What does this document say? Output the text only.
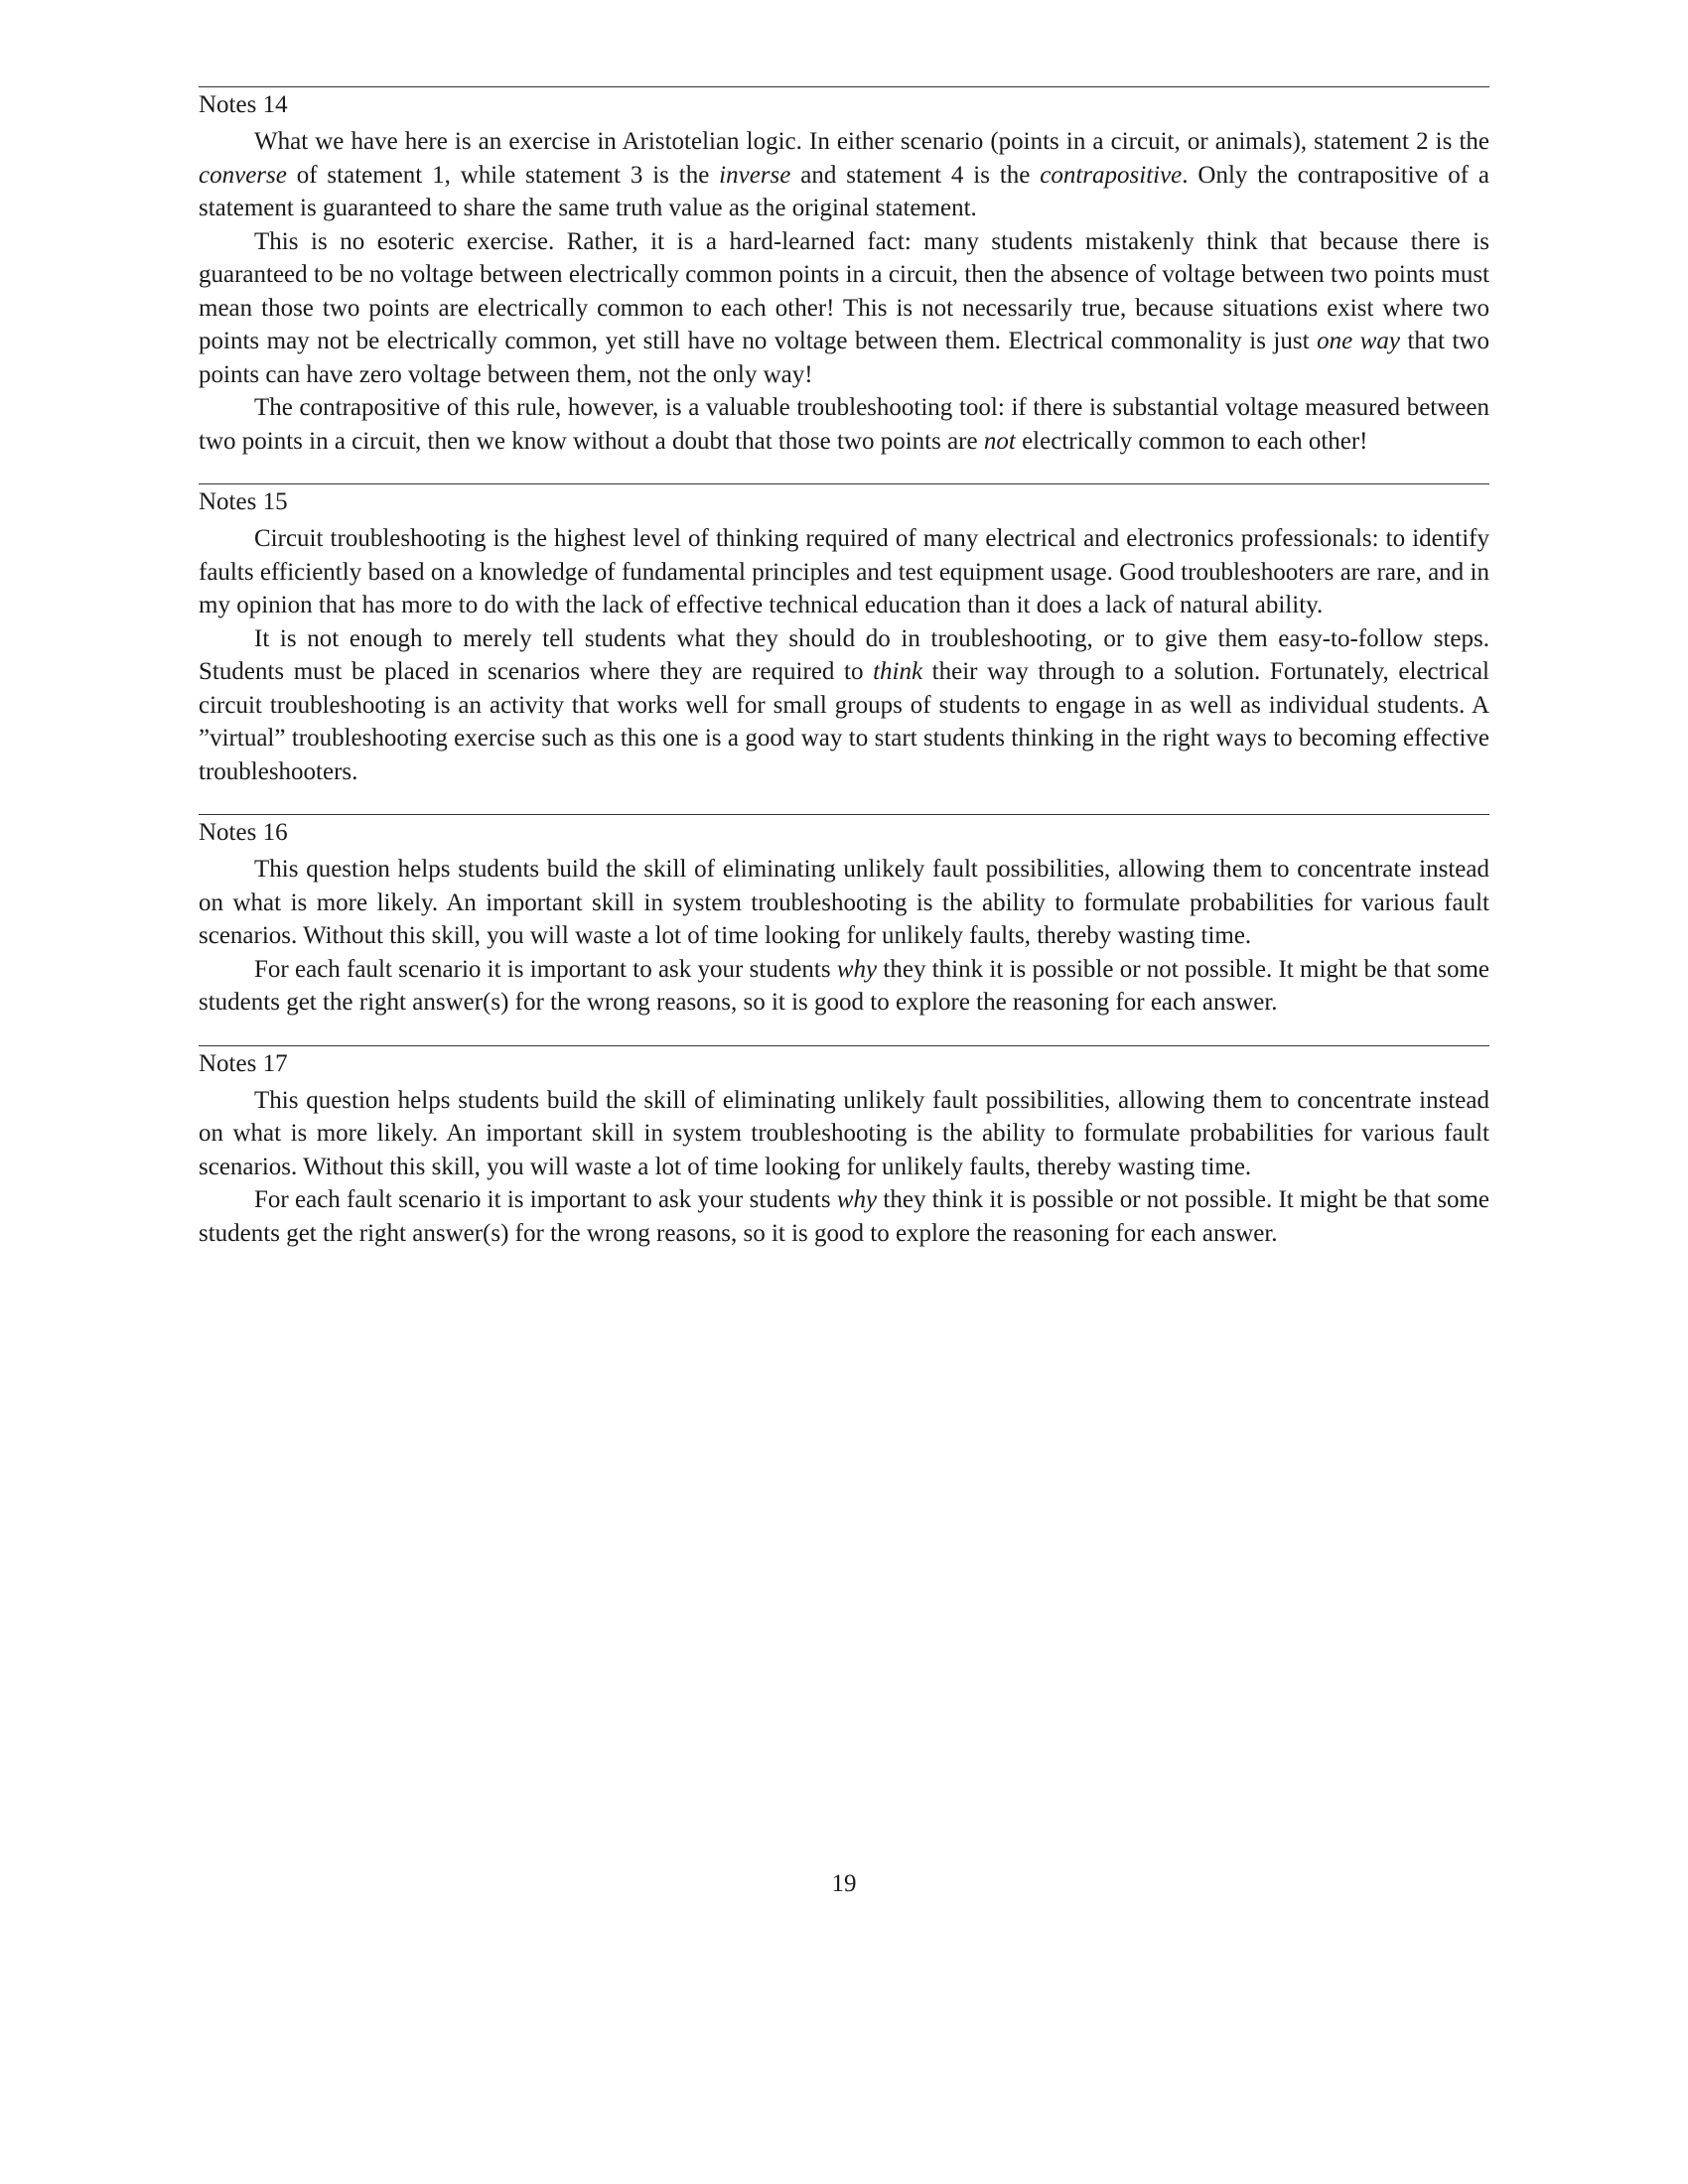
Notes 14

What we have here is an exercise in Aristotelian logic. In either scenario (points in a circuit, or animals), statement 2 is the converse of statement 1, while statement 3 is the inverse and statement 4 is the contrapositive. Only the contrapositive of a statement is guaranteed to share the same truth value as the original statement.

This is no esoteric exercise. Rather, it is a hard-learned fact: many students mistakenly think that because there is guaranteed to be no voltage between electrically common points in a circuit, then the absence of voltage between two points must mean those two points are electrically common to each other! This is not necessarily true, because situations exist where two points may not be electrically common, yet still have no voltage between them. Electrical commonality is just one way that two points can have zero voltage between them, not the only way!

The contrapositive of this rule, however, is a valuable troubleshooting tool: if there is substantial voltage measured between two points in a circuit, then we know without a doubt that those two points are not electrically common to each other!

Notes 15

Circuit troubleshooting is the highest level of thinking required of many electrical and electronics professionals: to identify faults efficiently based on a knowledge of fundamental principles and test equipment usage. Good troubleshooters are rare, and in my opinion that has more to do with the lack of effective technical education than it does a lack of natural ability.

It is not enough to merely tell students what they should do in troubleshooting, or to give them easy-to-follow steps. Students must be placed in scenarios where they are required to think their way through to a solution. Fortunately, electrical circuit troubleshooting is an activity that works well for small groups of students to engage in as well as individual students. A ”virtual” troubleshooting exercise such as this one is a good way to start students thinking in the right ways to becoming effective troubleshooters.

Notes 16

This question helps students build the skill of eliminating unlikely fault possibilities, allowing them to concentrate instead on what is more likely. An important skill in system troubleshooting is the ability to formulate probabilities for various fault scenarios. Without this skill, you will waste a lot of time looking for unlikely faults, thereby wasting time.

For each fault scenario it is important to ask your students why they think it is possible or not possible. It might be that some students get the right answer(s) for the wrong reasons, so it is good to explore the reasoning for each answer.

Notes 17

This question helps students build the skill of eliminating unlikely fault possibilities, allowing them to concentrate instead on what is more likely. An important skill in system troubleshooting is the ability to formulate probabilities for various fault scenarios. Without this skill, you will waste a lot of time looking for unlikely faults, thereby wasting time.

For each fault scenario it is important to ask your students why they think it is possible or not possible. It might be that some students get the right answer(s) for the wrong reasons, so it is good to explore the reasoning for each answer.

19
